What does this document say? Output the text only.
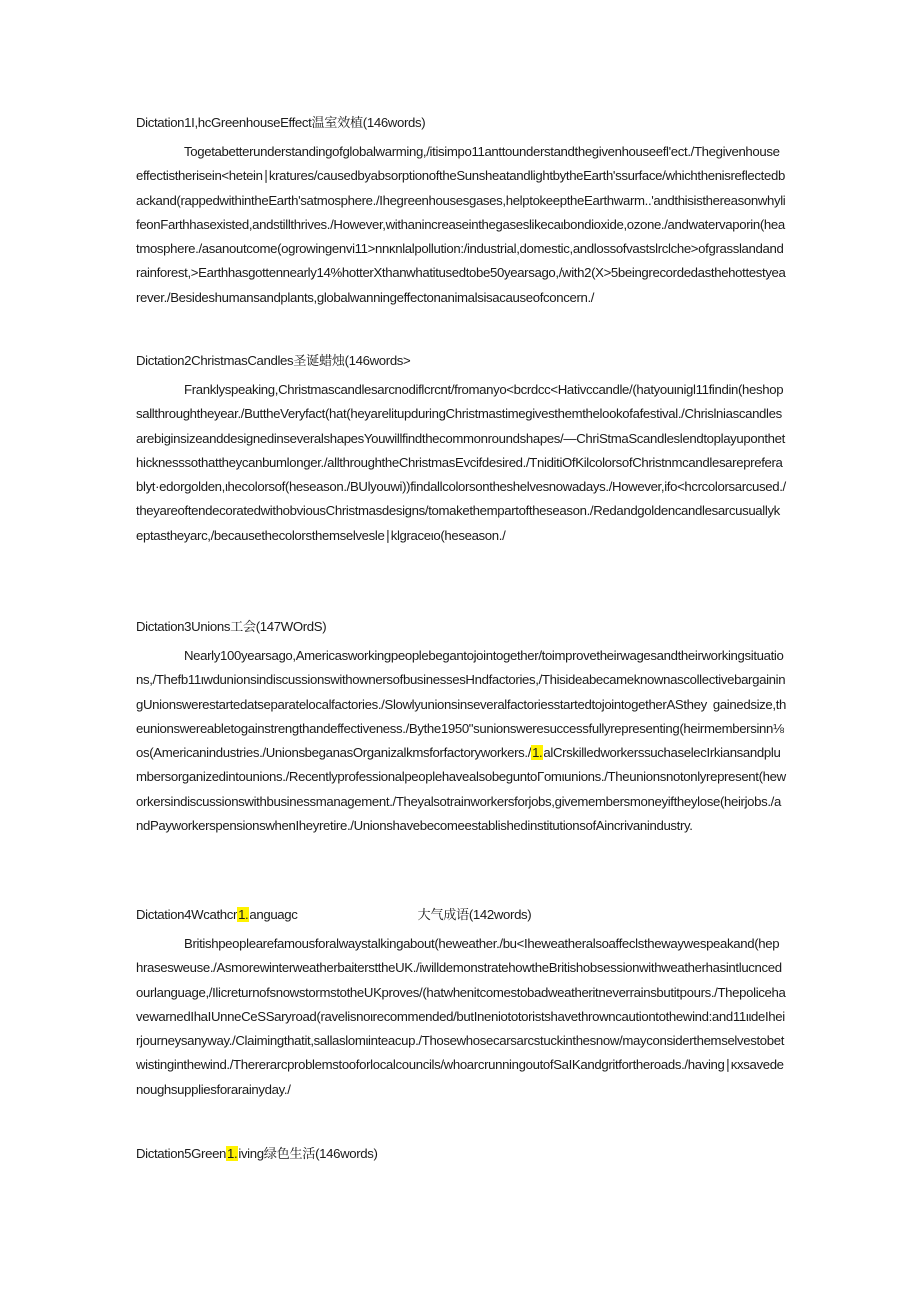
Dictation1I,hcGreenhouseEffect温室效植(146words)

Togetabetterunderstandingofglobalwarming,/itisimpo11anttounderstandthegivenhouseefl'ect./Thegivenhouseeffectistherisein<hetein∣kratures/causedbyabsorptionoftheSunsheatandlightbytheEarth'ssurface/whichthenisreflectedbackand(rappedwithintheEarth'satmosphere./Ihegreenhousesgases,helptokeeptheEarthwarm..'andthisisthereasonwhylifeonFarthhasexisted,andstillthrives./However,withanincreaseinthegaseslikecaιbondioxide,ozone./andwatervaporin(heatmosphere./asanoutcome(ogrowingenvi11>nnκnlalpollution:/industrial,domestic,andlossofvastslrclche>ofgrasslandandrainforest,>Earthhasgottennearly14%hotterXthanwhatitusedtobe50yearsago,/with2(X>5beingrecordedasthehottestyearever./Besideshumansandplants,globalwanningeffectonanimalsisacauseofconcern./

Dictation2ChristmasCandles圣诞蜡烛(146words>

Franklyspeaking,Christmascandlesarcnodiflcrcnt/fromanyo<bcrdcc<Hativccandle/(hatyouιnigl11findin(heshopsallthroughtheyear./ButtheVeryfact(hat(heyarelitupduringChristmastimegivesthemthelookofafestival./ChrislniascandlesarebiginsizeanddesignedinseveralshapesYouwillfindthecommonroundshapes/—ChriStmaScandleslendtoplayuponthethicknesssothattheycanbumlonger./allthroughtheChristmasEvcifdesired./TniditiOfKilcolorsofChristnmcandlesarepreferablyt·edorgolden,ιhecolorsof(heseason./BUlyouwi))findallcolorsontheshelvesnowadays./However,ifo<hcrcolorsarcused./theyareoftendecoratedwithobviousChristmasdesigns/tomakethempartoftheseason./Redandgoldencandlesarcusuallykeptastheyarc,/becausethecolorsthemselvesle∣klgraceιo(heseason./

Dictation3Unions工会(147WOrdS)

Nearly100yearsago,Americasworkingpeoplebegantojointogether/toimprovetheirwagesandtheirworkingsituations,/Thefb11ιwdunionsindiscussionswithownersofbusinessesHndfactories,/ThisideabecameknownascollectivebargainingUnionswerestartedatseparatelocalfactories./SlowlyunionsinseveralfactoriesstartedtojointogetherASthey gainedsize,theunionswereabletogainstrengthandeffectiveness./Bythe1950"sunionsweresuccessfullyrepresenting(heirmembersinn⅛os(Americanindustries./UnionsbeganasOrganizalkmsforfactoryworkers./1.alCrskilledworkerssuchaselecIrkiansandplumbersorganizedintounions./RecentlyprofessionalpeoplehavealsobeguntoΓomιunions./Theunionsnotonlyrepresent(heworkersindiscussionswithbusinessmanagement./Theyalsotrainworkersforjobs,givemembersmoneyiftheylose(heirjobs./andPayworkerspensionswhenIheyretire./UnionshavebecomeestablishedinstitutionsofAincrivanindustry.

Dictation4Wcathcr1.anguagc	大气成语(142words)

Britishpeoplearefamousforalwaystalkingabout(heweather./bu<Iheweatheralsoaffeclsthewaywespeakand(hephrasesweuse./AsmorewinterweatherbaitersttheUK./iwilldemonstratehowtheBritishobsessionwithweatherhasintlucncedourlanguage,/IlicreturnofsnowstormstotheUKproves/(hatwhenitcomestobadweatheritneverrainsbutitpours./ThepolicehavewarnedIhaIUnneCeSSaryroad(ravelisnoιrecommended/butIneniototoristshavethrowncautiontothewind:and11ιιdeIheirjourneysanyway./Claimingthatit,sallaslomιinteacup./Thosewhosecarsarcstuckinthesnow/mayconsiderthemselvestobetwistinginthewind./Thererarcproblemstooforlocalcouncils/whoarcrunningoutofSaIKandgritfortheroads./having∣κxsavedenoughsuppliesforarainyday./

Dictation5Green1.iving绿色生活(146words)
